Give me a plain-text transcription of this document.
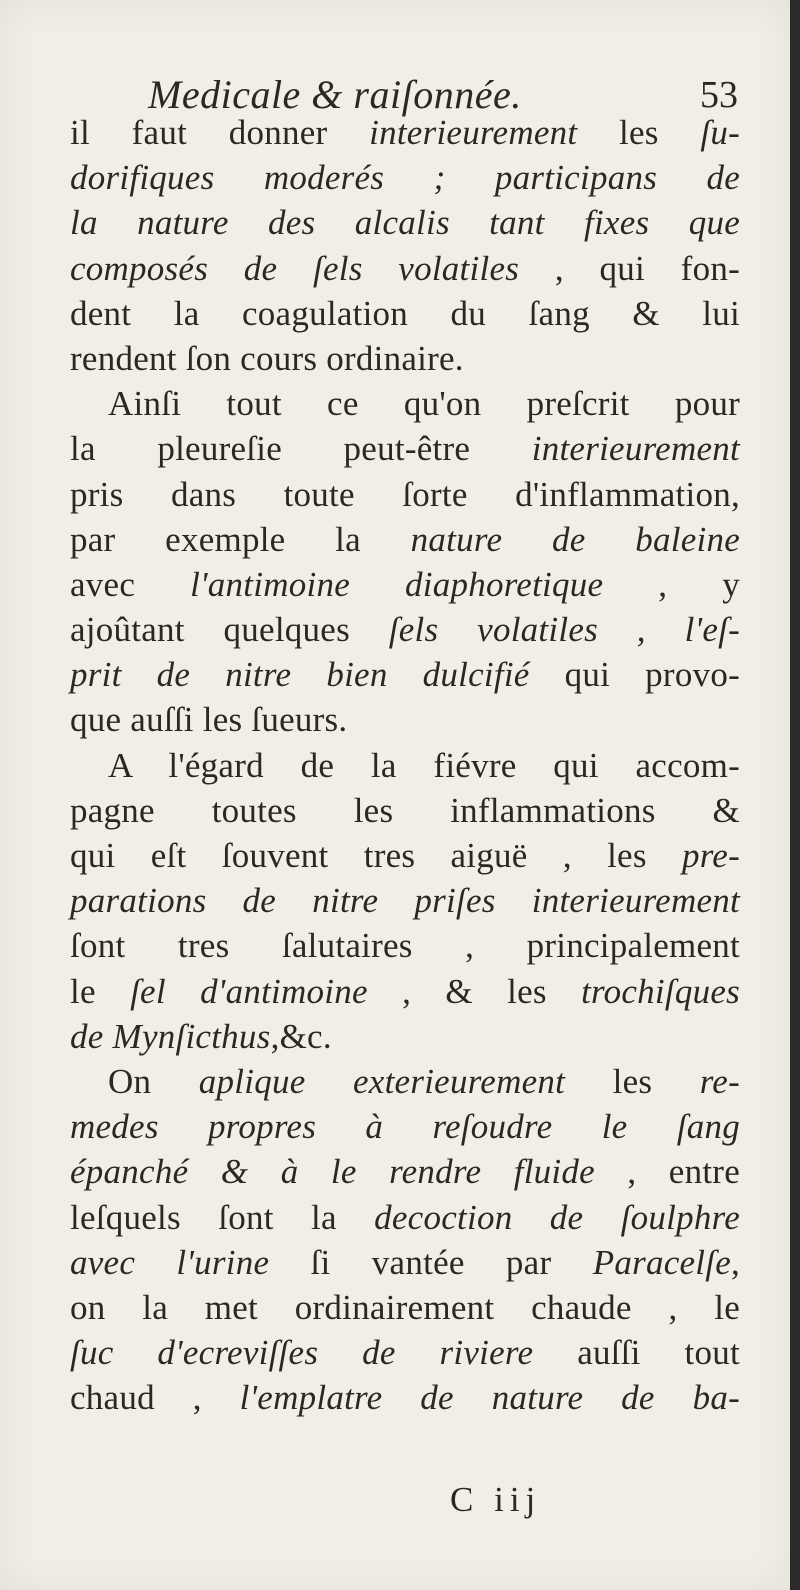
Medicale & raiſonnée.	53
il faut donner interieurement les ſu-
dorifiques moderés ; participans de
la nature des alcalis tant fixes que
composés de ſels volatiles , qui fon-
dent la coagulation du ſang & lui
rendent ſon cours ordinaire.
Ainſi tout ce qu'on preſcrit pour
la pleureſie peut-être interieurement
pris dans toute ſorte d'inflammation,
par exemple la nature de baleine
avec l'antimoine diaphoretique , y
ajoûtant quelques ſels volatiles , l'eſ-
prit de nitre bien dulcifié qui provo-
que auſſi les ſueurs.
A l'égard de la fiévre qui accom-
pagne toutes les inflammations &
qui eſt ſouvent tres aiguë , les pre-
parations de nitre priſes interieurement
ſont tres ſalutaires , principalement
le ſel d'antimoine , & les trochiſques
de Mynſicthus,&c.
On aplique exterieurement les re-
medes propres à reſoudre le ſang
épanché & à le rendre fluide , entre
leſquels ſont la decoction de ſoulphre
avec l'urine ſi vantée par Paracelſe,
on la met ordinairement chaude , le
ſuc d'ecreviſſes de riviere auſſi tout
chaud , l'emplatre de nature de ba-
C iij
